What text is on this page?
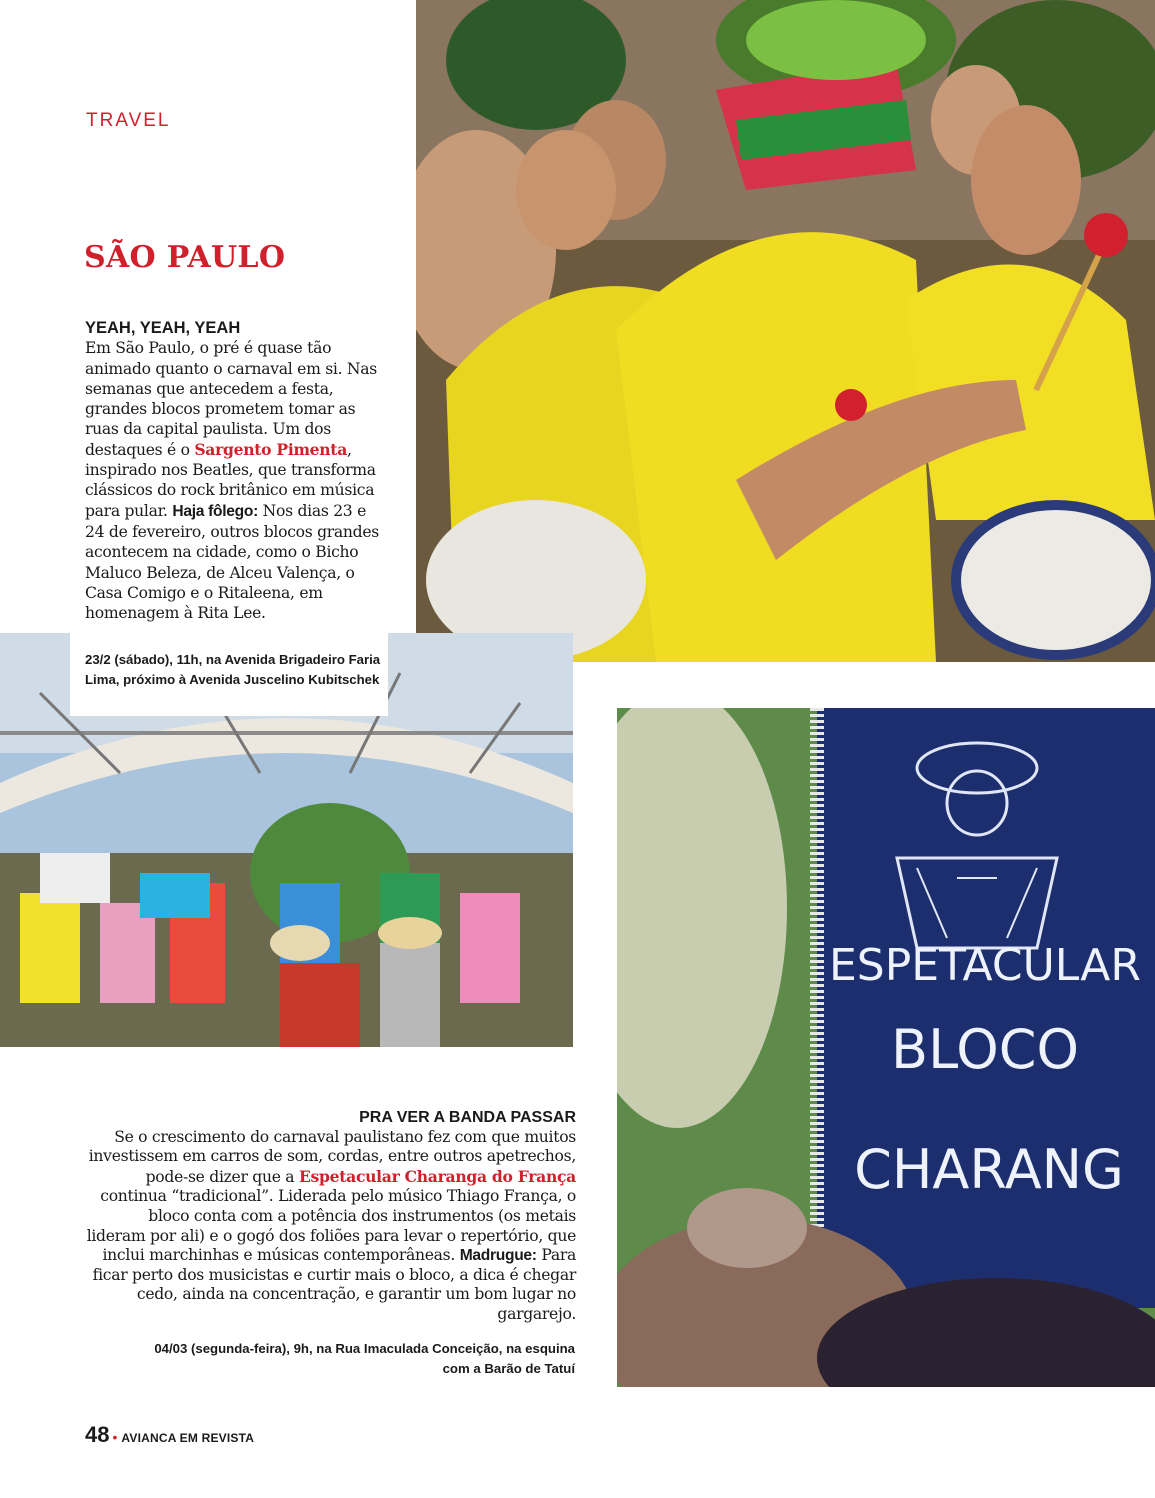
ESPETACULAR
BLOCO
CHARANG
TRAVEL
SÃO PAULO
YEAH, YEAH, YEAH
Em São Paulo, o pré é quase tão animado quanto o carnaval em si. Nas semanas que antecedem a festa, grandes blocos prometem tomar as ruas da capital paulista. Um dos destaques é o Sargento Pimenta, inspirado nos Beatles, que transforma clássicos do rock britânico em música para pular. Haja fôlego: Nos dias 23 e 24 de fevereiro, outros blocos grandes acontecem na cidade, como o Bicho Maluco Beleza, de Alceu Valença, o Casa Comigo e o Ritaleena, em homenagem à Rita Lee.
23/2 (sábado), 11h, na Avenida Brigadeiro Faria Lima, próximo à Avenida Juscelino Kubitschek
PRA VER A BANDA PASSAR
Se o crescimento do carnaval paulistano fez com que muitos investissem em carros de som, cordas, entre outros apetrechos, pode-se dizer que a Espetacular Charanga do França continua “tradicional”. Liderada pelo músico Thiago França, o bloco conta com a potência dos instrumentos (os metais lideram por ali) e o gogó dos foliões para levar o repertório, que inclui marchinhas e músicas contemporâneas. Madrugue: Para ficar perto dos musicistas e curtir mais o bloco, a dica é chegar cedo, ainda na concentração, e garantir um bom lugar no gargarejo.
04/03 (segunda-feira), 9h, na Rua Imaculada Conceição, na esquina com a Barão de Tatuí
48 • AVIANCA EM REVISTA
